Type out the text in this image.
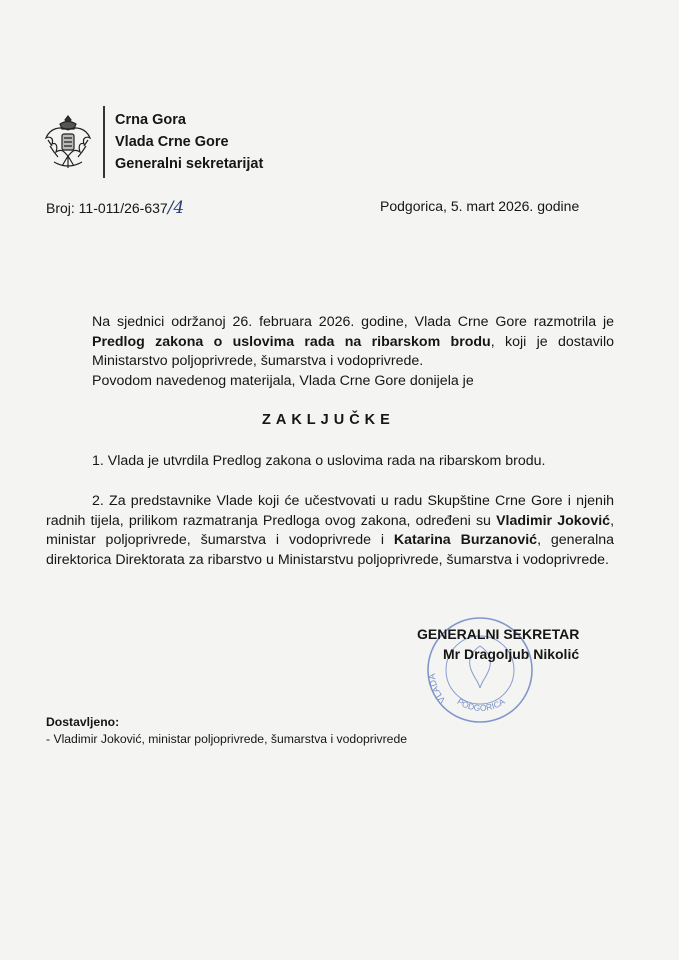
Crna Gora
Vlada Crne Gore
Generalni sekretarijat
Broj: 11-011/26-637/4	Podgorica, 5. mart 2026. godine

Na sjednici održanoj 26. februara 2026. godine, Vlada Crne Gore razmotrila je Predlog zakona o uslovima rada na ribarskom brodu, koji je dostavilo Ministarstvo poljoprivrede, šumarstva i vodoprivrede.

Povodom navedenog materijala, Vlada Crne Gore donijela je

ZAKLJUČKE
1. Vlada je utvrdila Predlog zakona o uslovima rada na ribarskom brodu.
2. Za predstavnike Vlade koji će učestvovati u radu Skupštine Crne Gore i njenih radnih tijela, prilikom razmatranja Predloga ovog zakona, određeni su Vladimir Joković, ministar poljoprivrede, šumarstva i vodoprivrede i Katarina Burzanović, generalna direktorica Direktorata za ribarstvo u Ministarstvu poljoprivrede, šumarstva i vodoprivrede.
VLADA
PODGORICA
GENERALNI SEKRETAR
Mr Dragoljub Nikolić
Dostavljeno:
- Vladimir Joković, ministar poljoprivrede, šumarstva i vodoprivrede
